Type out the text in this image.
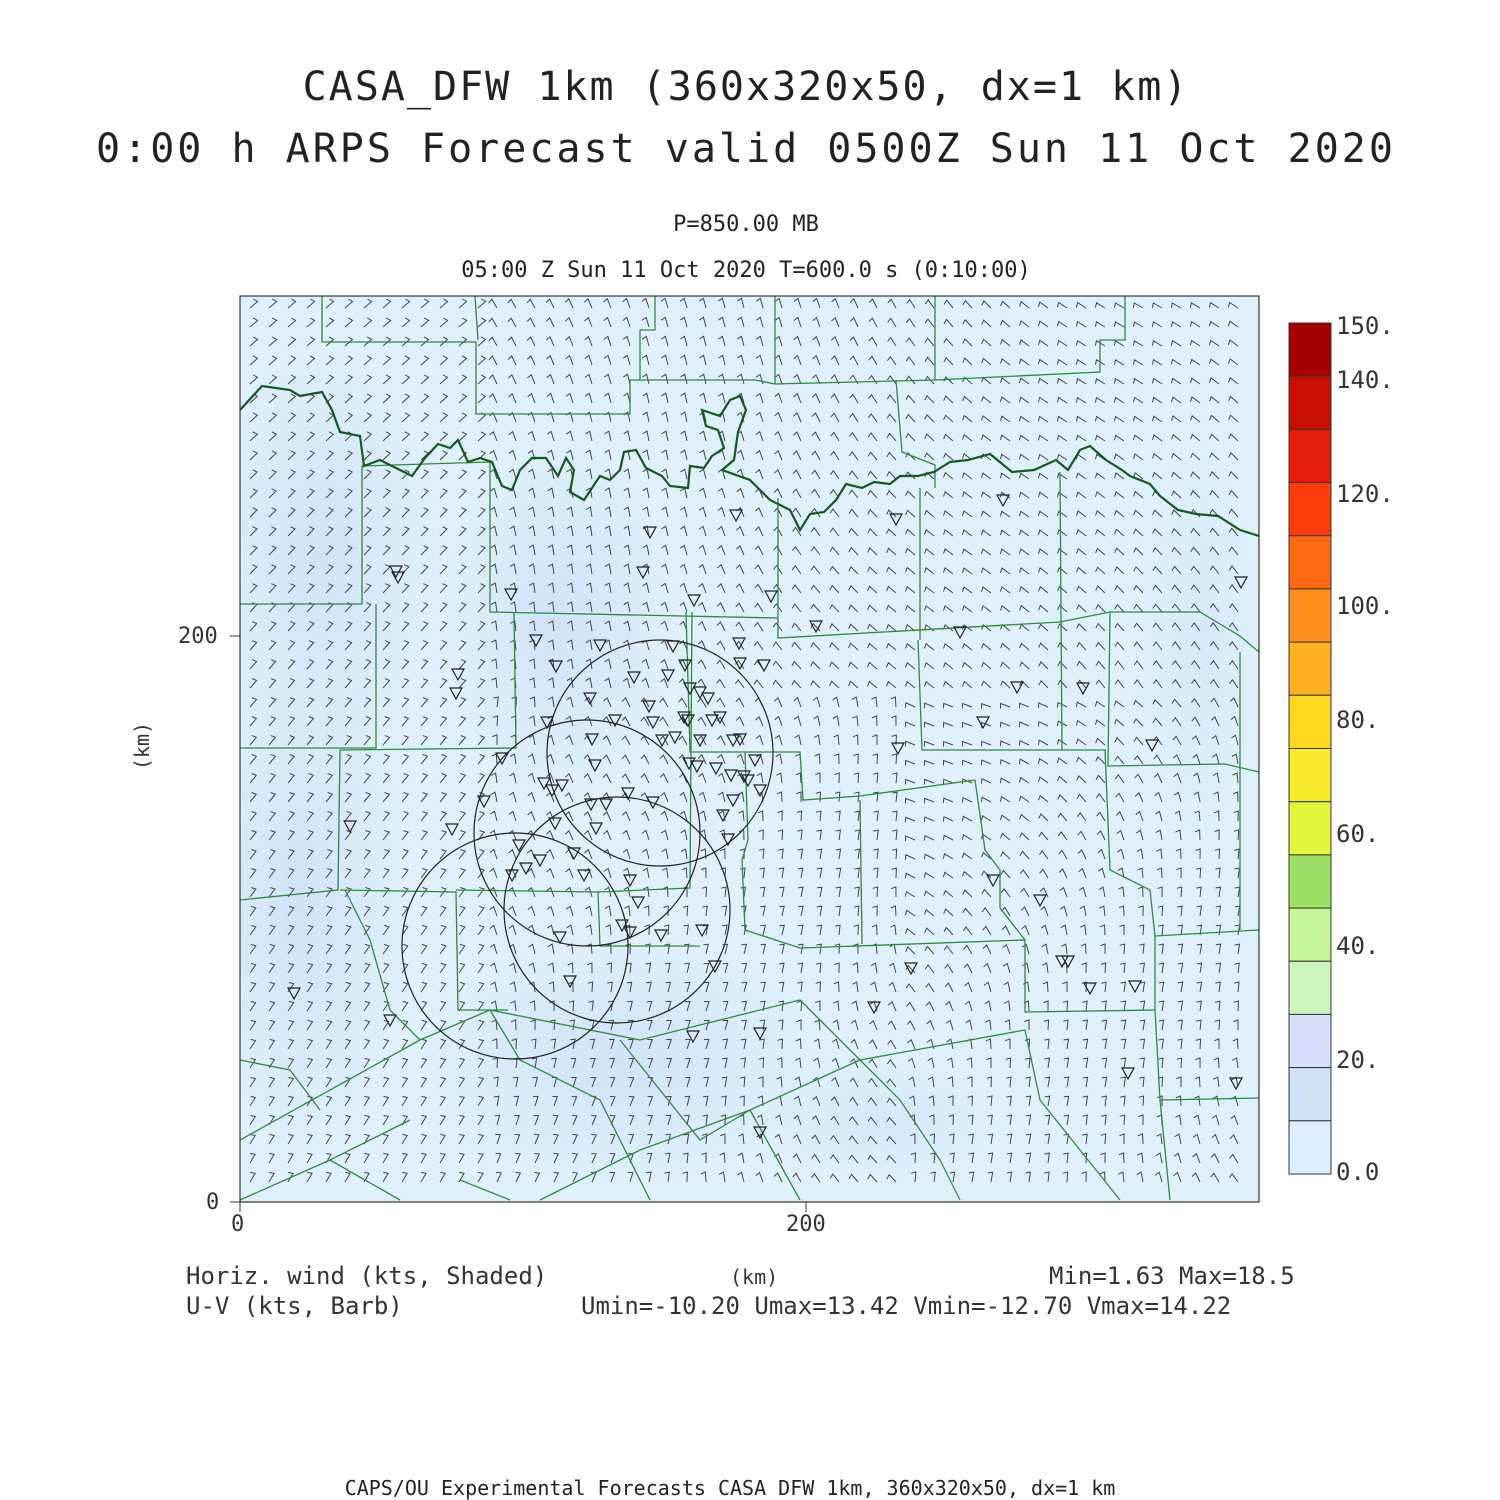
CASA_DFW 1km (360x320x50, dx=1 km)
0:00 h ARPS Forecast valid 0500Z Sun 11 Oct 2020
P=850.00 MB
05:00 Z Sun 11 Oct 2020 T=600.0 s (0:10:00)
0	200
0
200
(km)
(km)
Horiz. wind (kts, Shaded)
U-V (kts, Barb)
Min=1.63 Max=18.5
Umin=-10.20 Umax=13.42 Vmin=-12.70 Vmax=14.22
150.
140.
120.
100.
80.
60.
40.
20.
0.0
CAPS/OU Experimental Forecasts CASA DFW 1km, 360x320x50, dx=1 km
